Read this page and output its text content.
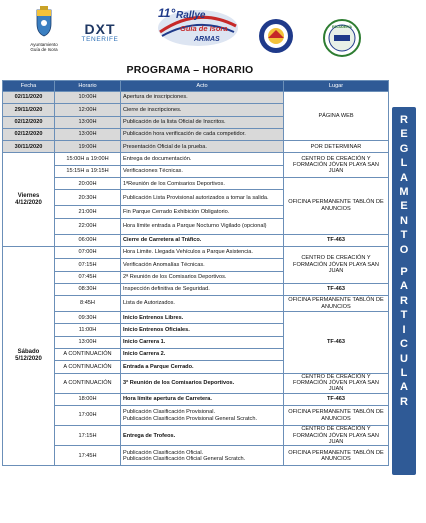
Ayuntamiento
Guía de Isora
DXT
TENERIFE
11° Rallye
Guía de Isora
ARMAS
ESCUDERÍA
PROGRAMA – HORARIO
Fecha	Horario	Acto	Lugar
02/11/2020	10:00H	Apertura de inscripciones.	PÁGINA WEB
29/11/2020	12:00H	Cierre de inscripciones.	
02/12/2020	13:00H	Publicación de la lista Oficial de Inscritos.	
02/12/2020	13:00H	Publicación hora verificación de cada competidor.	
30/11/2020	19:00H	Presentación Oficial de la prueba.	POR DETERMINAR
Viernes
4/12/2020	15:00H a 19:00H	Entrega de documentación.	CENTRO DE CREACIÓN Y FORMACIÓN JÓVEN PLAYA SAN JUAN
	15:15H a 19:15H	Verificaciones Técnicas.	
	20:00H	1ªReunión de los Comisarios Deportivos.	OFICINA PERMANENTE TABLÓN DE ANUNCIOS
	20:30H	Publicación Lista Provisional autorizados a tomar la salida.	
	21:00H	Fin Parque Cerrado Exhibición Obligatorio.	
	22:00H	Hora límite entrada a Parque Nocturno Vigilado (opcional)	
	06:00H	Cierre de Carretera al Tráfico.	TF-463
Sábado
5/12/2020	07:00H	Hora Limite. Llegada Vehículos a Parque Asistencia.	CENTRO DE CREACIÓN Y FORMACIÓN JÓVEN PLAYA SAN JUAN
	07:15H	Verificación Anomalías Técnicas.	
	07:45H	2ª Reunión de los Comisarios Deportivos.	
	08:30H	Inspección definitiva de Seguridad.	TF-463
	8:45H	Lista de Autorizados.	OFICINA PERMANENTE TABLÓN DE ANUNCIOS
	09:30H	Inicio Entrenos Libres.	TF-463
	11:00H	Inicio Entrenos Oficiales.	
	13:00H	Inicio Carrera 1.	
	A CONTINUACIÓN	Inicio Carrera 2.	
	A CONTINUACIÓN	Entrada a Parque Cerrado.	
	A CONTINUACIÓN	3ª Reunión de los Comisarios Deportivos.	CENTRO DE CREACIÓN Y FORMACIÓN JÓVEN PLAYA SAN JUAN
	18:00H	Hora límite apertura de Carretera.	TF-463
	17:00H	Publicación Clasificación Provisional.
Publicación Clasificación Provisional General Scratch.	OFICINA PERMANENTE TABLÓN DE ANUNCIOS
	17:15H	Entrega de Trofeos.	CENTRO DE CREACIÓN Y FORMACIÓN JÓVEN PLAYA SAN JUAN
	17:45H	Publicación Clasificación Oficial.
Publicación Clasificación Oficial General Scratch.	OFICINA PERMANENTE TABLÓN DE ANUNCIOS
R
E
G
L
A
M
E
N
T
O
P
A
R
T
I
C
U
L
A
R
